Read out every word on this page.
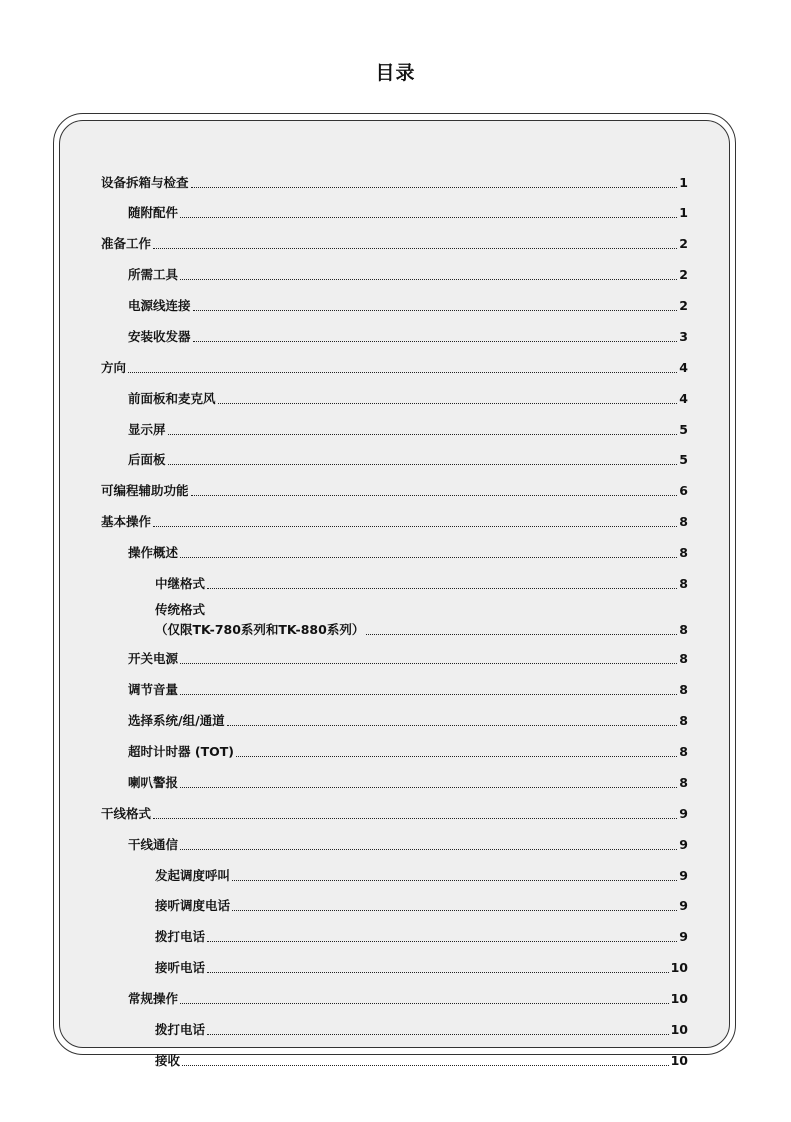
目录
设备拆箱与检查	1
随附配件	1
准备工作	2
所需工具	2
电源线连接	2
安装收发器	3
方向	4
前面板和麦克风	4
显示屏	5
后面板	5
可编程辅助功能	6
基本操作	8
操作概述	8
中继格式	8
传统格式
（仅限TK-780系列和TK-880系列）	8
开关电源	8
调节音量	8
选择系统/组/通道	8
超时计时器 (TOT)	8
喇叭警报	8
干线格式	9
干线通信	9
发起调度呼叫	9
接听调度电话	9
拨打电话	9
接听电话	10
常规操作	10
拨打电话	10
接收	10
